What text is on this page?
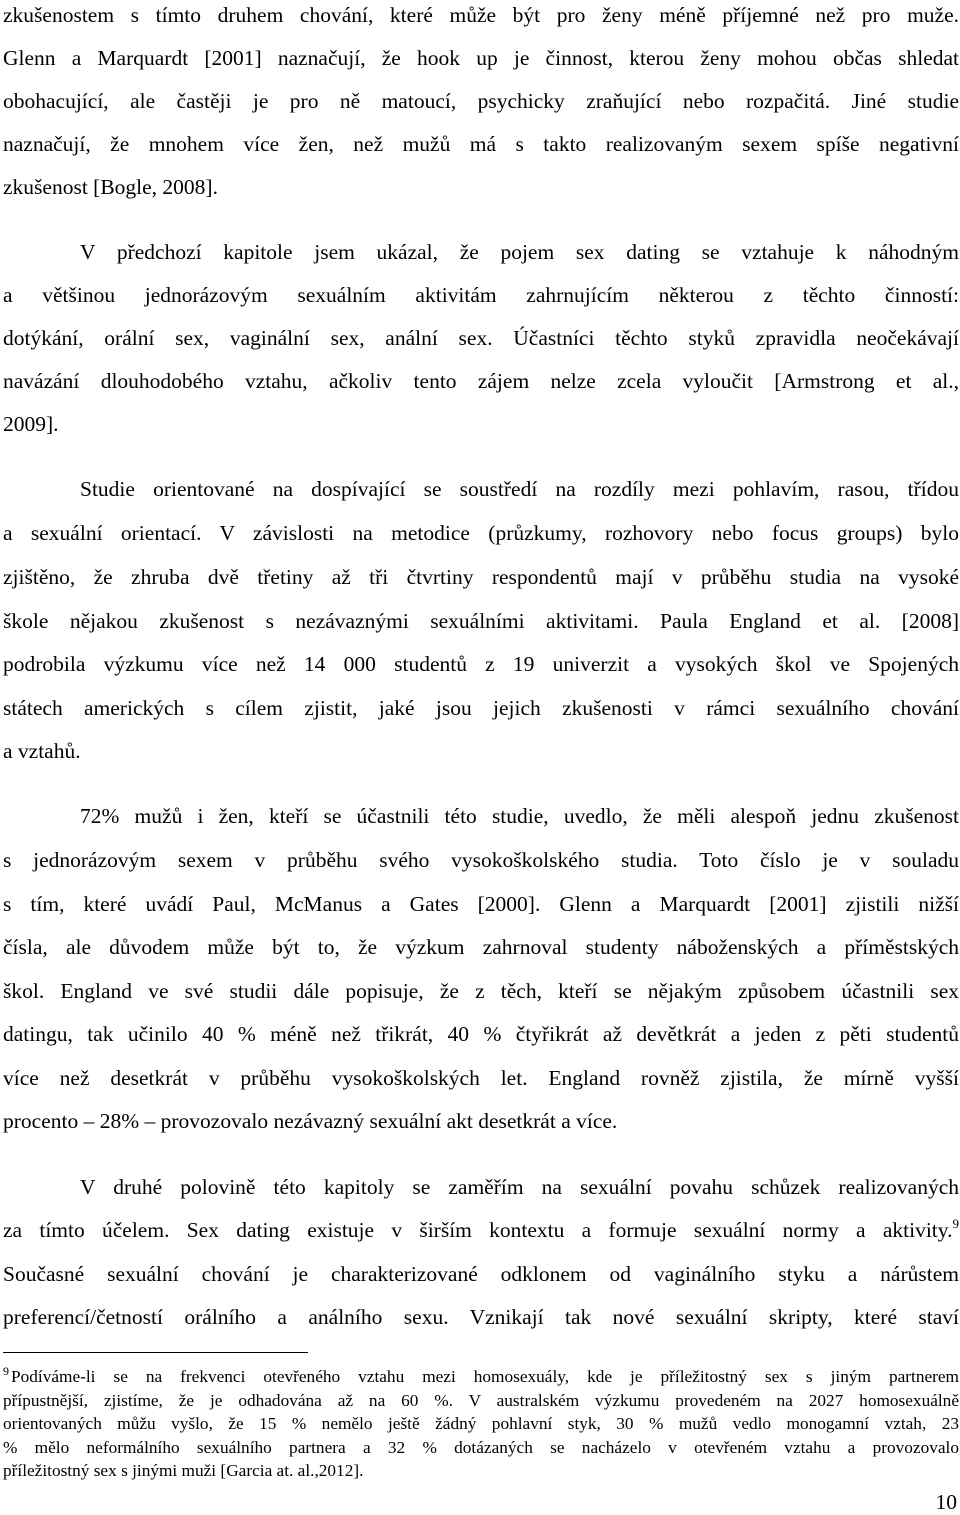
zkušenostem s tímto druhem chování, které může být pro ženy méně příjemné než pro muže.
Glenn a Marquardt [2001] naznačují, že hook up je činnost, kterou ženy mohou občas shledat
obohacující, ale častěji je pro ně matoucí, psychicky zraňující nebo rozpačitá. Jiné studie
naznačují, že mnohem více žen, než mužů má s takto realizovaným sexem spíše negativní
zkušenost [Bogle, 2008].
V předchozí kapitole jsem ukázal, že pojem sex dating se vztahuje k náhodným
a většinou jednorázovým sexuálním aktivitám zahrnujícím některou z těchto činností:
dotýkání, orální sex, vaginální sex, anální sex. Účastníci těchto styků zpravidla neočekávají
navázání dlouhodobého vztahu, ačkoliv tento zájem nelze zcela vyloučit [Armstrong et al.,
2009].
Studie orientované na dospívající se soustředí na rozdíly mezi pohlavím, rasou, třídou
a sexuální orientací. V závislosti na metodice (průzkumy, rozhovory nebo focus groups) bylo
zjištěno, že zhruba dvě třetiny až tři čtvrtiny respondentů mají v průběhu studia na vysoké
škole nějakou zkušenost s nezávaznými sexuálními aktivitami. Paula England et al. [2008]
podrobila výzkumu více než 14 000 studentů z 19 univerzit a vysokých škol ve Spojených
státech amerických s cílem zjistit, jaké jsou jejich zkušenosti v rámci sexuálního chování
a vztahů.
72% mužů i žen, kteří se účastnili této studie, uvedlo, že měli alespoň jednu zkušenost
s jednorázovým sexem v průběhu svého vysokoškolského studia. Toto číslo je v souladu
s tím, které uvádí Paul, McManus a Gates [2000]. Glenn a Marquardt [2001] zjistili nižší
čísla, ale důvodem může být to, že výzkum zahrnoval studenty náboženských a příměstských
škol. England ve své studii dále popisuje, že z těch, kteří se nějakým způsobem účastnili sex
datingu, tak učinilo 40 % méně než třikrát, 40 % čtyřikrát až devětkrát a jeden z pěti studentů
více než desetkrát v průběhu vysokoškolských let. England rovněž zjistila, že mírně vyšší
procento – 28% – provozovalo nezávazný sexuální akt desetkrát a více.
V druhé polovině této kapitoly se zaměřím na sexuální povahu schůzek realizovaných
za tímto účelem. Sex dating existuje v širším kontextu a formuje sexuální normy a aktivity.$^9$
Současné sexuální chování je charakterizované odklonem od vaginálního styku a nárůstem
preferencí/četností orálního a análního sexu. Vznikají tak nové sexuální skripty, které staví
$^9$ Podíváme-li se na frekvenci otevřeného vztahu mezi homosexuály, kde je příležitostný sex s jiným partnerem
přípustnější, zjistíme, že je odhadována až na 60 %. V australském výzkumu provedeném na 2027 homosexuálně
orientovaných můžu vyšlo, že 15 % nemělo ještě žádný pohlavní styk, 30 % mužů vedlo monogamní vztah, 23
% mělo neformálního sexuálního partnera a 32 % dotázaných se nacházelo v otevřeném vztahu a provozovalo
příležitostný sex s jinými muži [Garcia at. al.,2012].
10
